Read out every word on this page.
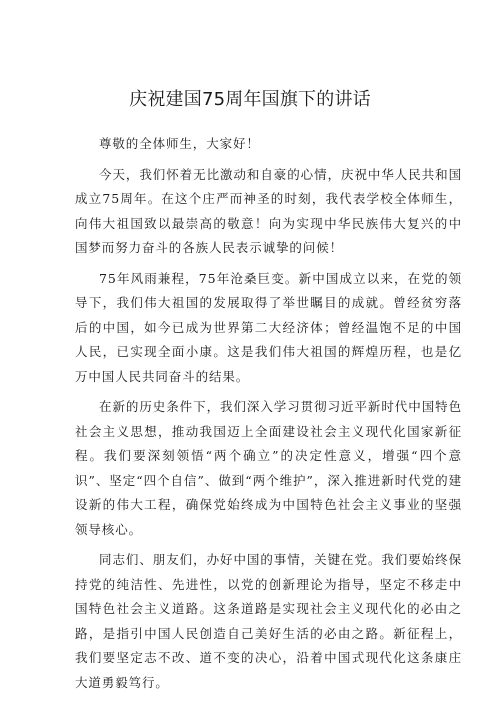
庆祝建国75周年国旗下的讲话

尊敬的全体师生，大家好！

今天，我们怀着无比激动和自豪的心情，庆祝中华人民共和国成立75周年。在这个庄严而神圣的时刻，我代表学校全体师生，向伟大祖国致以最崇高的敬意！向为实现中华民族伟大复兴的中国梦而努力奋斗的各族人民表示诚挚的问候！

75年风雨兼程，75年沧桑巨变。新中国成立以来，在党的领导下，我们伟大祖国的发展取得了举世瞩目的成就。曾经贫穷落后的中国，如今已成为世界第二大经济体；曾经温饱不足的中国人民，已实现全面小康。这是我们伟大祖国的辉煌历程，也是亿万中国人民共同奋斗的结果。

在新的历史条件下，我们深入学习贯彻习近平新时代中国特色社会主义思想，推动我国迈上全面建设社会主义现代化国家新征程。我们要深刻领悟“两个确立”的决定性意义，增强“四个意识”、坚定“四个自信”、做到“两个维护”，深入推进新时代党的建设新的伟大工程，确保党始终成为中国特色社会主义事业的坚强领导核心。

同志们、朋友们，办好中国的事情，关键在党。我们要始终保持党的纯洁性、先进性，以党的创新理论为指导，坚定不移走中国特色社会主义道路。这条道路是实现社会主义现代化的必由之路，是指引中国人民创造自己美好生活的必由之路。新征程上，我们要坚定志不改、道不变的决心，沿着中国式现代化这条康庄大道勇毅笃行。
